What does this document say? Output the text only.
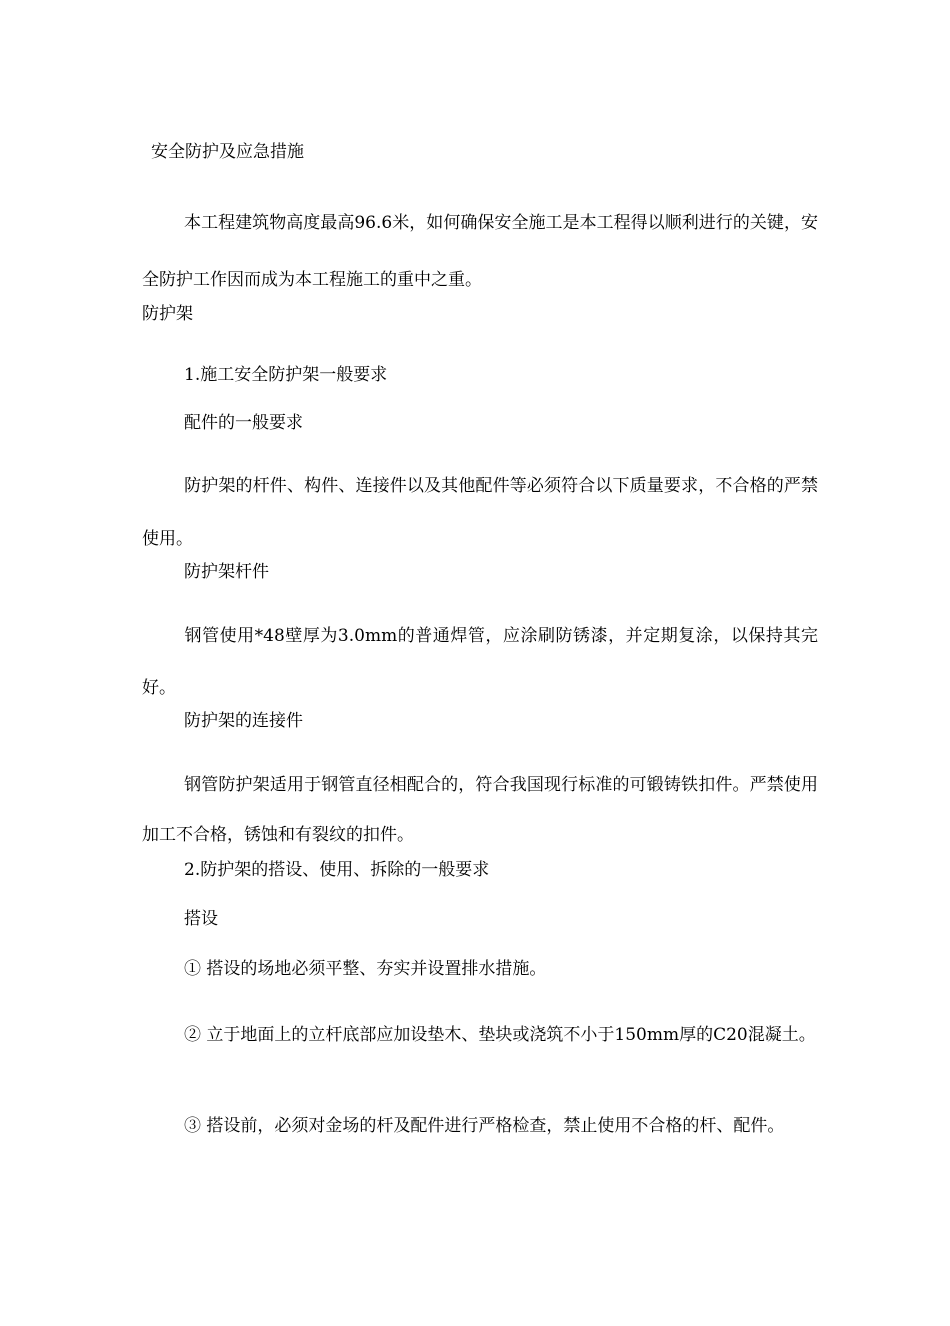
安全防护及应急措施

本工程建筑物高度最高96.6米，如何确保安全施工是本工程得以顺利进行的关键，安全防护工作因而成为本工程施工的重中之重。

防护架

1.施工安全防护架一般要求

配件的一般要求

防护架的杆件、构件、连接件以及其他配件等必须符合以下质量要求，不合格的严禁使用。

防护架杆件

钢管使用*48壁厚为3.0mm的普通焊管，应涂刷防锈漆，并定期复涂，以保持其完好。

防护架的连接件

钢管防护架适用于钢管直径相配合的，符合我国现行标准的可锻铸铁扣件。严禁使用加工不合格，锈蚀和有裂纹的扣件。

2.防护架的搭设、使用、拆除的一般要求

搭设

① 搭设的场地必须平整、夯实并设置排水措施。

② 立于地面上的立杆底部应加设垫木、垫块或浇筑不小于150mm厚的C20混凝土。

③ 搭设前，必须对金场的杆及配件进行严格检查，禁止使用不合格的杆、配件。
